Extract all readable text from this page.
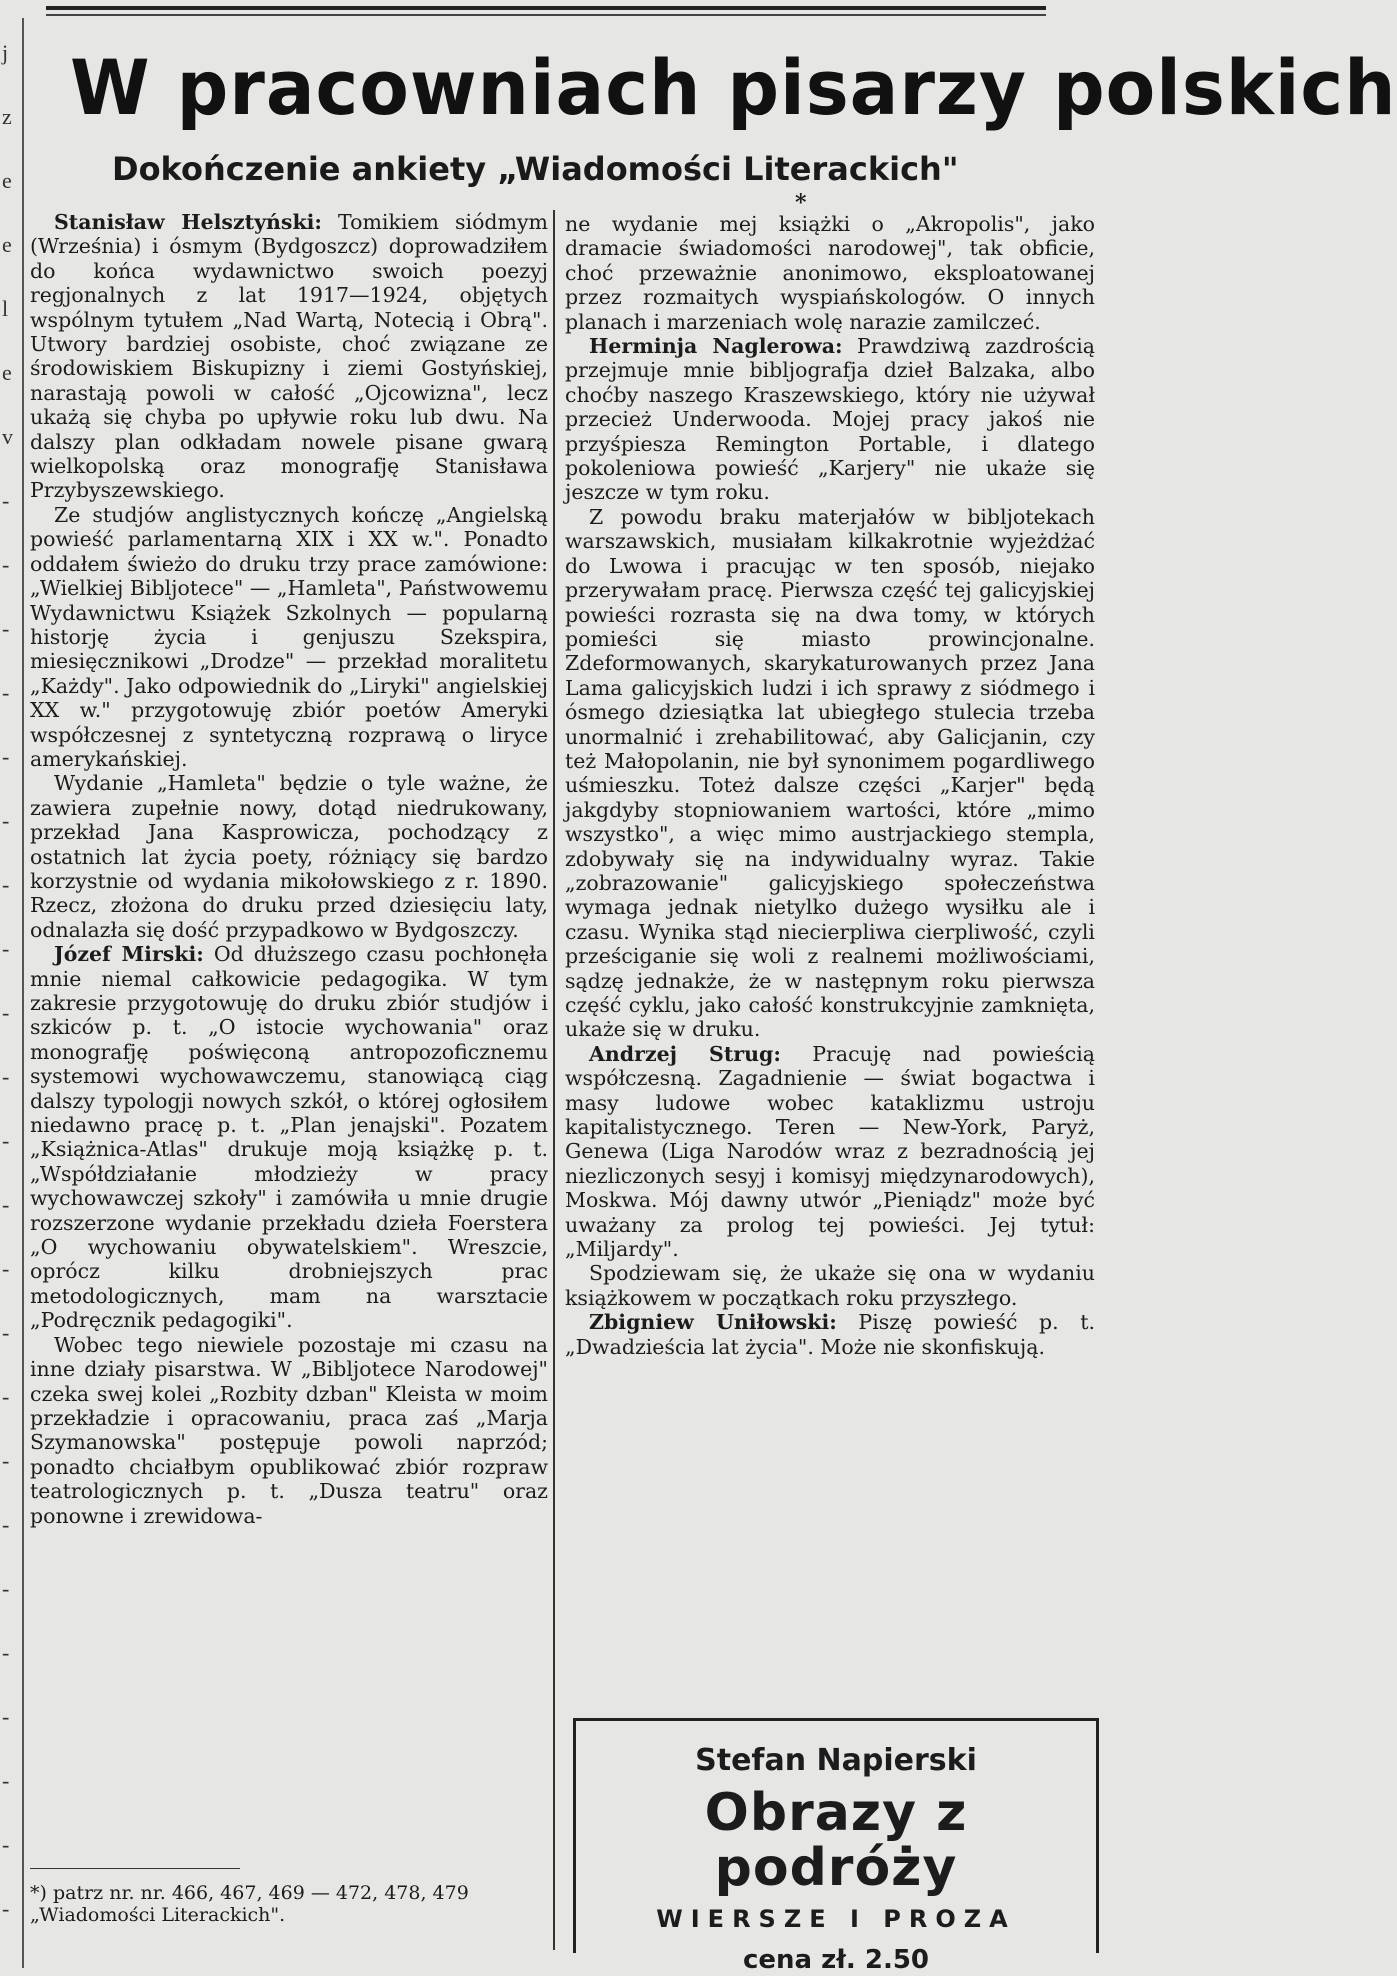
j
z
e
e
l
e
v
-
-
-
-
-
-
-
-
-
-
-
-
-
-
-
-
-
-
-
-
-
-
-
W pracowniach pisarzy polskich
Dokończenie ankiety „Wiadomości Literackich"
*

Stanisław Helsztyński: Tomikiem siódmym (Września) i ósmym (Bydgoszcz) doprowadziłem do końca wydawnictwo swoich poezyj regjonalnych z lat 1917—1924, objętych wspólnym tytułem „Nad Wartą, Notecią i Obrą". Utwory bardziej osobiste, choć związane ze środowiskiem Biskupizny i ziemi Gostyńskiej, narastają powoli w całość „Ojcowizna", lecz ukażą się chyba po upływie roku lub dwu. Na dalszy plan odkładam nowele pisane gwarą wielkopolską oraz monografję Stanisława Przybyszewskiego.

Ze studjów anglistycznych kończę „Angielską powieść parlamentarną XIX i XX w.". Ponadto oddałem świeżo do druku trzy prace zamówione: „Wielkiej Bibljotece" — „Hamleta", Państwowemu Wydawnictwu Książek Szkolnych — popularną historję życia i genjuszu Szekspira, miesięcznikowi „Drodze" — przekład moralitetu „Każdy". Jako odpowiednik do „Liryki" angielskiej XX w." przygotowuję zbiór poetów Ameryki współczesnej z syntetyczną rozprawą o liryce amerykańskiej.

Wydanie „Hamleta" będzie o tyle ważne, że zawiera zupełnie nowy, dotąd niedrukowany, przekład Jana Kasprowicza, pochodzący z ostatnich lat życia poety, różniący się bardzo korzystnie od wydania mikołowskiego z r. 1890. Rzecz, złożona do druku przed dziesięciu laty, odnalazła się dość przypadkowo w Bydgoszczy.

Józef Mirski: Od dłuższego czasu pochłonęła mnie niemal całkowicie pedagogika. W tym zakresie przygotowuję do druku zbiór studjów i szkiców p. t. „O istocie wychowania" oraz monografję poświęconą antropozoficznemu systemowi wychowawczemu, stanowiącą ciąg dalszy typologji nowych szkół, o której ogłosiłem niedawno pracę p. t. „Plan jenajski". Pozatem „Książnica-Atlas" drukuje moją książkę p. t. „Współdziałanie młodzieży w pracy wychowawczej szkoły" i zamówiła u mnie drugie rozszerzone wydanie przekładu dzieła Foerstera „O wychowaniu obywatelskiem". Wreszcie, oprócz kilku drobniejszych prac metodologicznych, mam na warsztacie „Podręcznik pedagogiki".

Wobec tego niewiele pozostaje mi czasu na inne działy pisarstwa. W „Bibljotece Narodowej" czeka swej kolei „Rozbity dzban" Kleista w moim przekładzie i opracowaniu, praca zaś „Marja Szymanowska" postępuje powoli naprzód; ponadto chciałbym opublikować zbiór rozpraw teatrologicznych p. t. „Dusza teatru" oraz ponowne i zrewidowa-

*) patrz nr. nr. 466, 467, 469 — 472, 478, 479 „Wiadomości Literackich".

ne wydanie mej książki o „Akropolis", jako dramacie świadomości narodowej", tak obficie, choć przeważnie anonimowo, eksploatowanej przez rozmaitych wyspiańskologów. O innych planach i marzeniach wolę narazie zamilczeć.

Herminja Naglerowa: Prawdziwą zazdrością przejmuje mnie bibljografja dzieł Balzaka, albo choćby naszego Kraszewskiego, który nie używał przecież Underwooda. Mojej pracy jakoś nie przyśpiesza Remington Portable, i dlatego pokoleniowa powieść „Karjery" nie ukaże się jeszcze w tym roku.

Z powodu braku materjałów w bibljotekach warszawskich, musiałam kilkakrotnie wyjeżdżać do Lwowa i pracując w ten sposób, niejako przerywałam pracę. Pierwsza część tej galicyjskiej powieści rozrasta się na dwa tomy, w których pomieści się miasto prowincjonalne. Zdeformowanych, skarykaturowanych przez Jana Lama galicyjskich ludzi i ich sprawy z siódmego i ósmego dziesiątka lat ubiegłego stulecia trzeba unormalnić i zrehabilitować, aby Galicjanin, czy też Małopolanin, nie był synonimem pogardliwego uśmieszku. Toteż dalsze części „Karjer" będą jakgdyby stopniowaniem wartości, które „mimo wszystko", a więc mimo austrjackiego stempla, zdobywały się na indywidualny wyraz. Takie „zobrazowanie" galicyjskiego społeczeństwa wymaga jednak nietylko dużego wysiłku ale i czasu. Wynika stąd niecierpliwa cierpliwość, czyli prześciganie się woli z realnemi możliwościami, sądzę jednakże, że w następnym roku pierwsza część cyklu, jako całość konstrukcyjnie zamknięta, ukaże się w druku.

Andrzej Strug: Pracuję nad powieścią współczesną. Zagadnienie — świat bogactwa i masy ludowe wobec kataklizmu ustroju kapitalistycznego. Teren — New-York, Paryż, Genewa (Liga Narodów wraz z bezradnością jej niezliczonych sesyj i komisyj międzynarodowych), Moskwa. Mój dawny utwór „Pieniądz" może być uważany za prolog tej powieści. Jej tytuł: „Miljardy".

Spodziewam się, że ukaże się ona w wydaniu książkowem w początkach roku przyszłego.

Zbigniew Uniłowski: Piszę powieść p. t. „Dwadzieścia lat życia". Może nie skonfiskują.

Stefan Napierski
Obrazy z podróży
WIERSZE I PROZA
cena zł. 2.50
